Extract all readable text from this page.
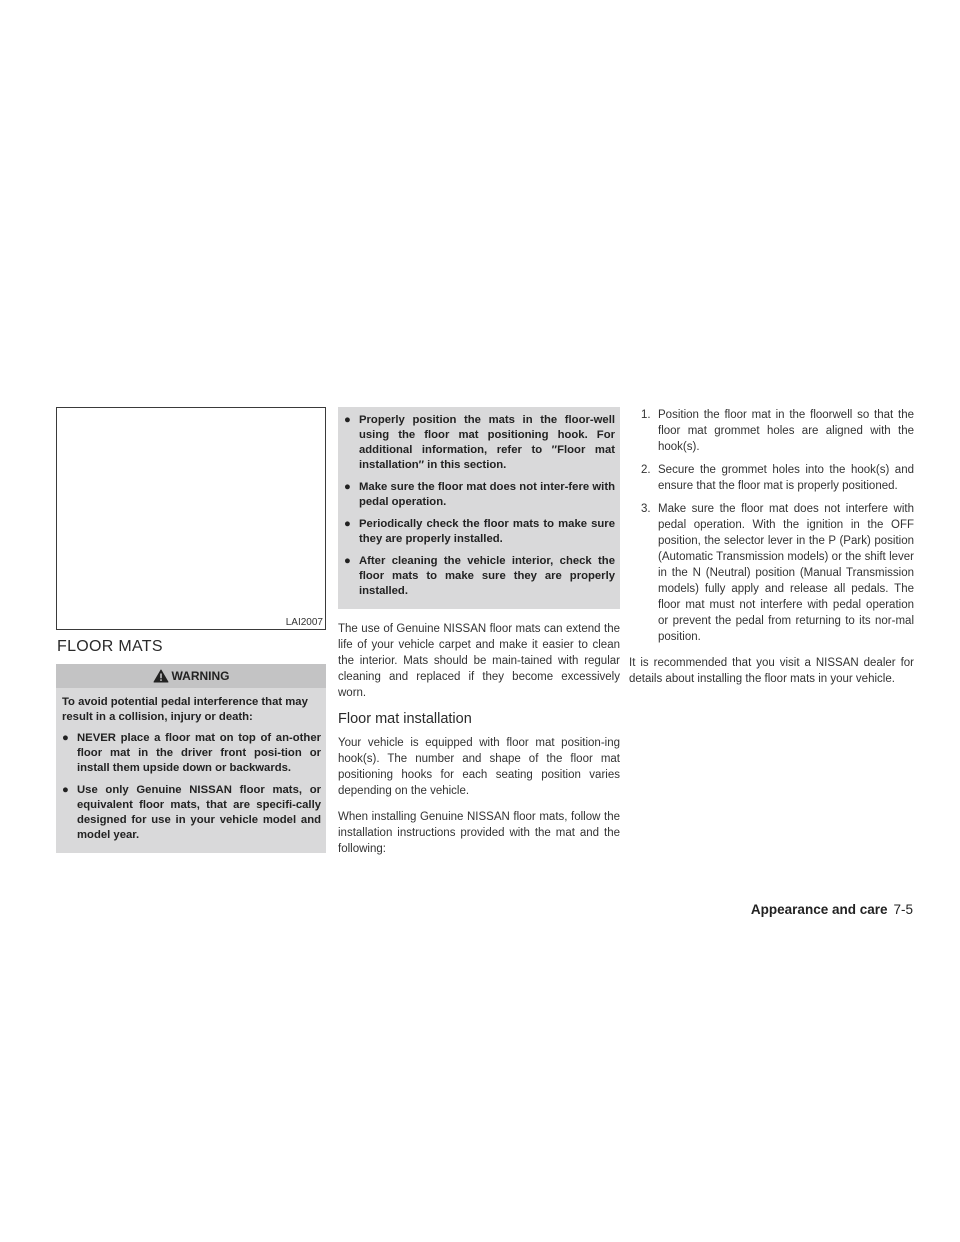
LAI2007
FLOOR MATS
WARNING

To avoid potential pedal interference that may result in a collision, injury or death:

● NEVER place a floor mat on top of an-other floor mat in the driver front posi-tion or install them upside down or backwards.
● Use only Genuine NISSAN floor mats, or equivalent floor mats, that are specifi-cally designed for use in your vehicle model and model year.
● Properly position the mats in the floor-well using the floor mat positioning hook. For additional information, refer to ″Floor mat installation″ in this section.
● Make sure the floor mat does not inter-fere with pedal operation.
● Periodically check the floor mats to make sure they are properly installed.
● After cleaning the vehicle interior, check the floor mats to make sure they are properly installed.

The use of Genuine NISSAN floor mats can extend the life of your vehicle carpet and make it easier to clean the interior. Mats should be main-tained with regular cleaning and replaced if they become excessively worn.

Floor mat installation

Your vehicle is equipped with floor mat position-ing hook(s). The number and shape of the floor mat positioning hooks for each seating position varies depending on the vehicle.

When installing Genuine NISSAN floor mats, follow the installation instructions provided with the mat and the following:

1. Position the floor mat in the floorwell so that the floor mat grommet holes are aligned with the hook(s).
2. Secure the grommet holes into the hook(s) and ensure that the floor mat is properly positioned.
3. Make sure the floor mat does not interfere with pedal operation. With the ignition in the OFF position, the selector lever in the P (Park) position (Automatic Transmission models) or the shift lever in the N (Neutral) position (Manual Transmission models) fully apply and release all pedals. The floor mat must not interfere with pedal operation or prevent the pedal from returning to its nor-mal position.

It is recommended that you visit a NISSAN dealer for details about installing the floor mats in your vehicle.

Appearance and care 7-5
